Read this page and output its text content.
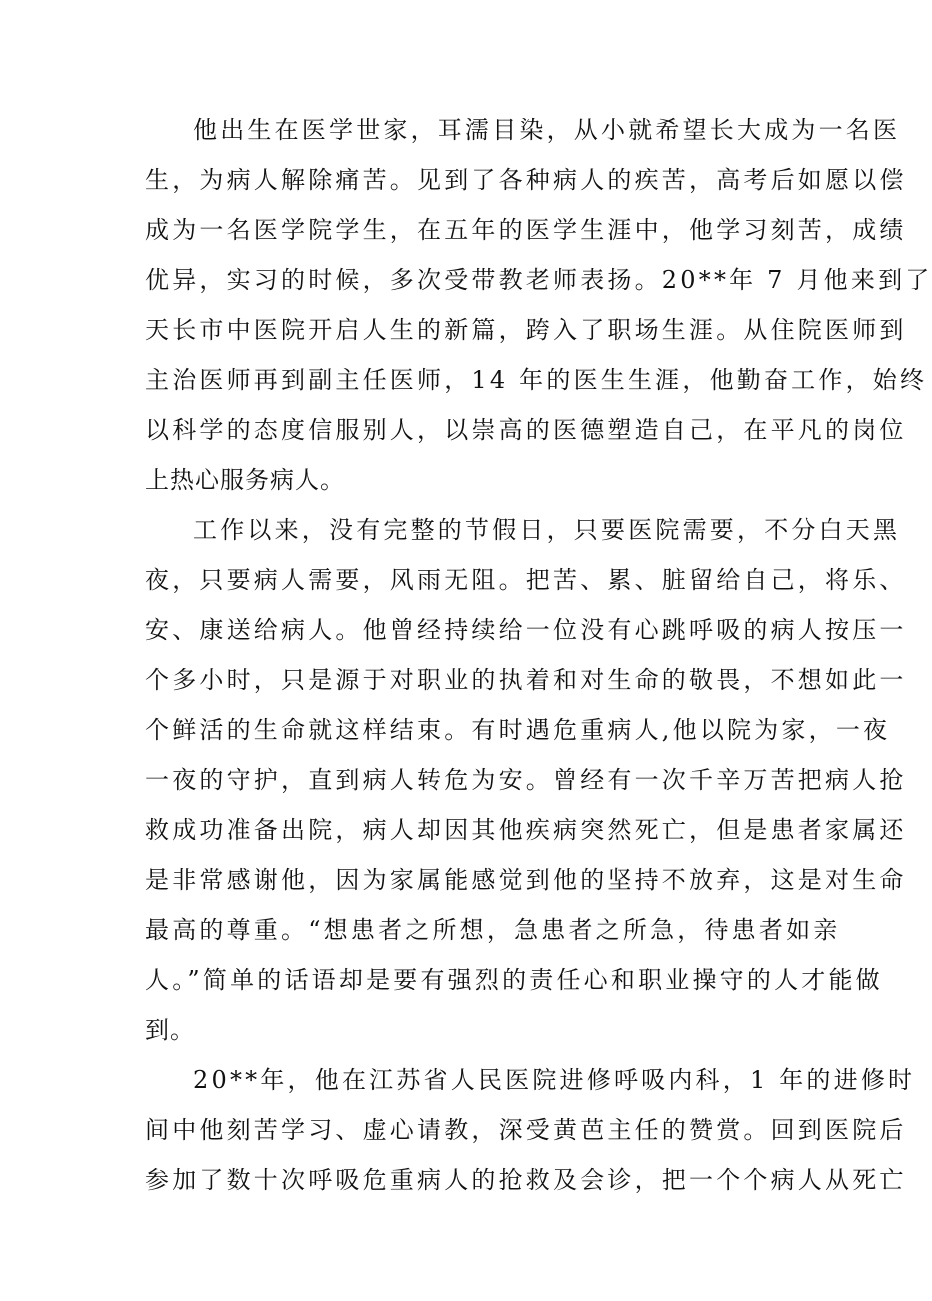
他出生在医学世家，耳濡目染，从小就希望长大成为一名医

生，为病人解除痛苦。见到了各种病人的疾苦，高考后如愿以偿

成为一名医学院学生，在五年的医学生涯中，他学习刻苦，成绩

优异，实习的时候，多次受带教老师表扬。20**年 7 月他来到了

天长市中医院开启人生的新篇，跨入了职场生涯。从住院医师到

主治医师再到副主任医师，14 年的医生生涯，他勤奋工作，始终

以科学的态度信服别人，以崇高的医德塑造自己，在平凡的岗位

上热心服务病人。

工作以来，没有完整的节假日，只要医院需要，不分白天黑

夜，只要病人需要，风雨无阻。把苦、累、脏留给自己，将乐、

安、康送给病人。他曾经持续给一位没有心跳呼吸的病人按压一

个多小时，只是源于对职业的执着和对生命的敬畏，不想如此一

个鲜活的生命就这样结束。有时遇危重病人,他以院为家，一夜

一夜的守护，直到病人转危为安。曾经有一次千辛万苦把病人抢

救成功准备出院，病人却因其他疾病突然死亡，但是患者家属还

是非常感谢他，因为家属能感觉到他的坚持不放弃，这是对生命

最高的尊重。“想患者之所想，急患者之所急，待患者如亲

人。”简单的话语却是要有强烈的责任心和职业操守的人才能做

到。

20**年，他在江苏省人民医院进修呼吸内科，1 年的进修时

间中他刻苦学习、虚心请教，深受黄芭主任的赞赏。回到医院后

参加了数十次呼吸危重病人的抢救及会诊，把一个个病人从死亡
